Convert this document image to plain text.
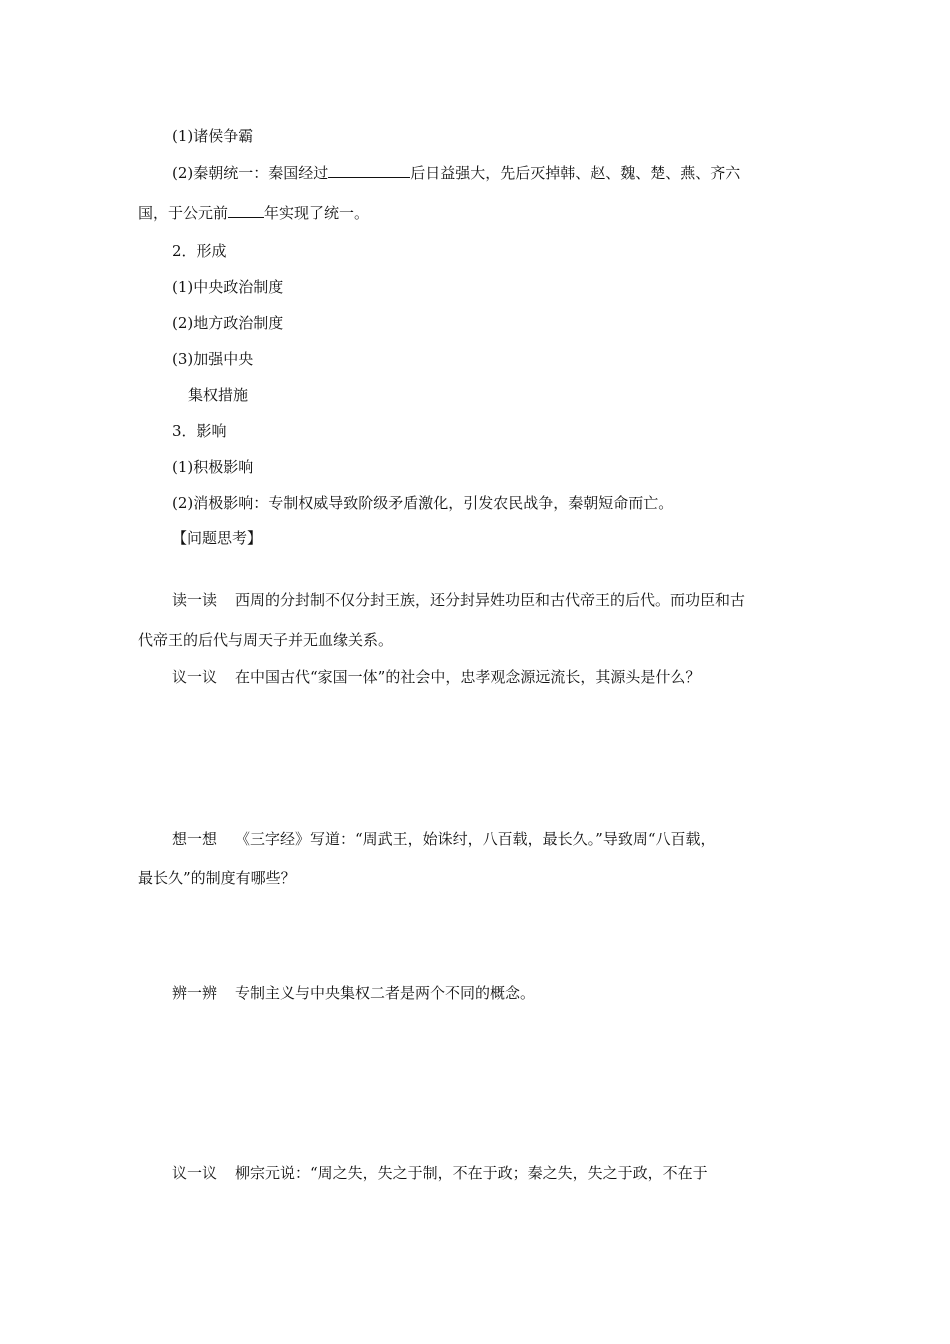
(1)诸侯争霸
(2)秦朝统一：秦国经过	后日益强大，先后灭掉韩、赵、魏、楚、燕、齐六
国，于公元前 年实现了统一。
2．形成
(1)中央政治制度
(2)地方政治制度
(3)加强中央
集权措施
3．影响
(1)积极影响
(2)消极影响：专制权威导致阶级矛盾激化，引发农民战争，秦朝短命而亡。
【问题思考】
读一读 西周的分封制不仅分封王族，还分封异姓功臣和古代帝王的后代。而功臣和古
代帝王的后代与周天子并无血缘关系。
议一议 在中国古代“家国一体”的社会中，忠孝观念源远流长，其源头是什么？
想一想 《三字经》写道：“周武王，始诛纣，八百载，最长久。”导致周“八百载，
最长久”的制度有哪些？
辨一辨 专制主义与中央集权二者是两个不同的概念。
议一议 柳宗元说：“周之失，失之于制，不在于政；秦之失，失之于政，不在于
